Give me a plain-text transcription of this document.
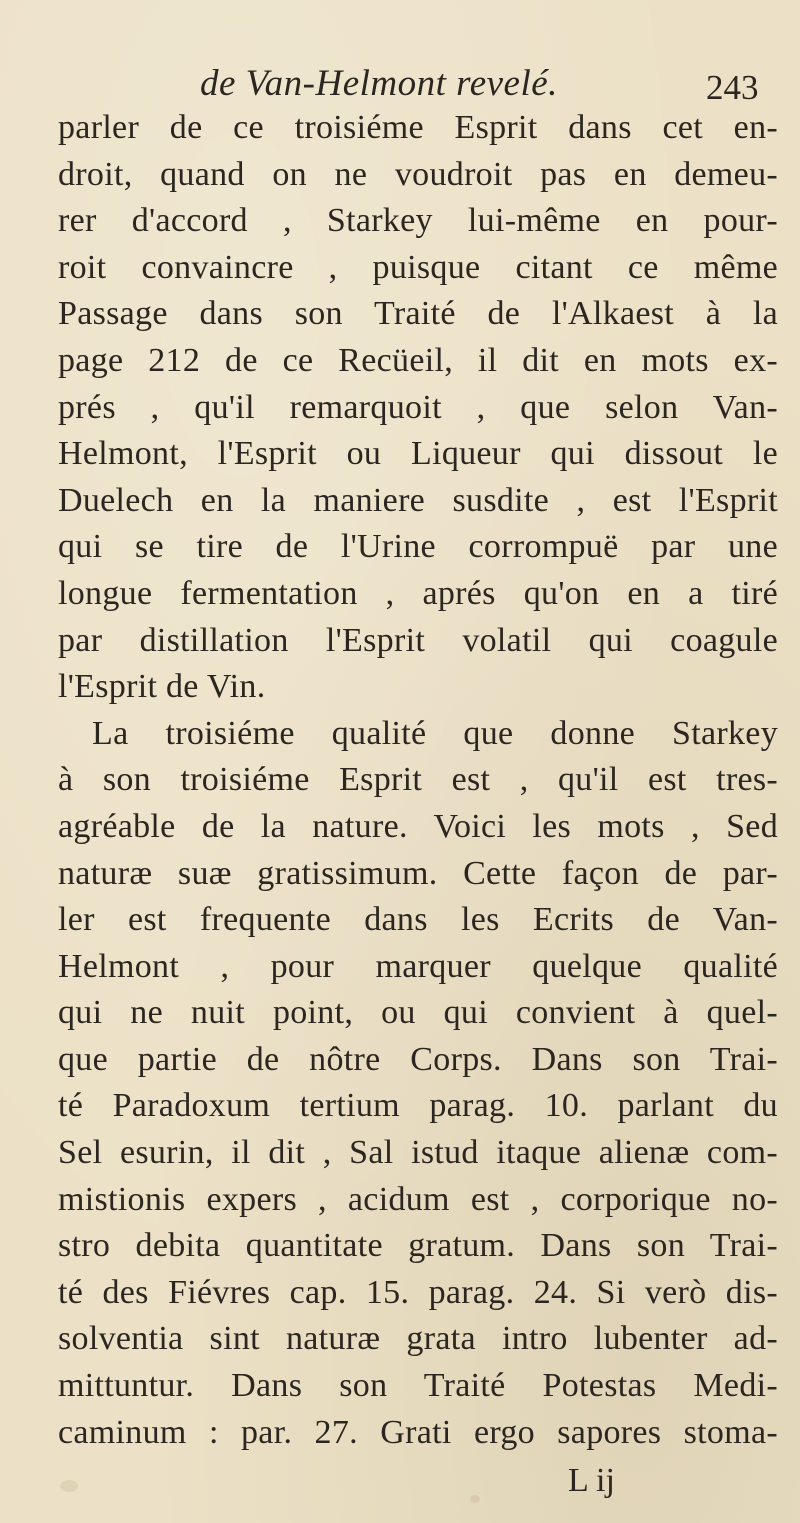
de Van-Helmont revelé.	243
parler de ce troisiéme Esprit dans cet en-
droit, quand on ne voudroit pas en demeu-
rer d'accord , Starkey lui-même en pour-
roit convaincre , puisque citant ce même
Passage dans son Traité de l'Alkaest à la
page 212 de ce Recüeil, il dit en mots ex-
prés , qu'il remarquoit , que selon Van-
Helmont, l'Esprit ou Liqueur qui dissout le
Duelech en la maniere susdite , est l'Esprit
qui se tire de l'Urine corrompuë par une
longue fermentation , aprés qu'on en a tiré
par distillation l'Esprit volatil qui coagule
l'Esprit de Vin.
La troisiéme qualité que donne Starkey
à son troisiéme Esprit est , qu'il est tres-
agréable de la nature. Voici les mots , Sed
naturæ suæ gratissimum. Cette façon de par-
ler est frequente dans les Ecrits de Van-
Helmont , pour marquer quelque qualité
qui ne nuit point, ou qui convient à quel-
que partie de nôtre Corps. Dans son Trai-
té Paradoxum tertium parag. 10. parlant du
Sel esurin, il dit , Sal istud itaque alienæ com-
mistionis expers , acidum est , corporique no-
stro debita quantitate gratum. Dans son Trai-
té des Fiévres cap. 15. parag. 24. Si verò dis-
solventia sint naturæ grata intro lubenter ad-
mittuntur. Dans son Traité Potestas Medi-
caminum : par. 27. Grati ergo sapores stoma-
L ij
